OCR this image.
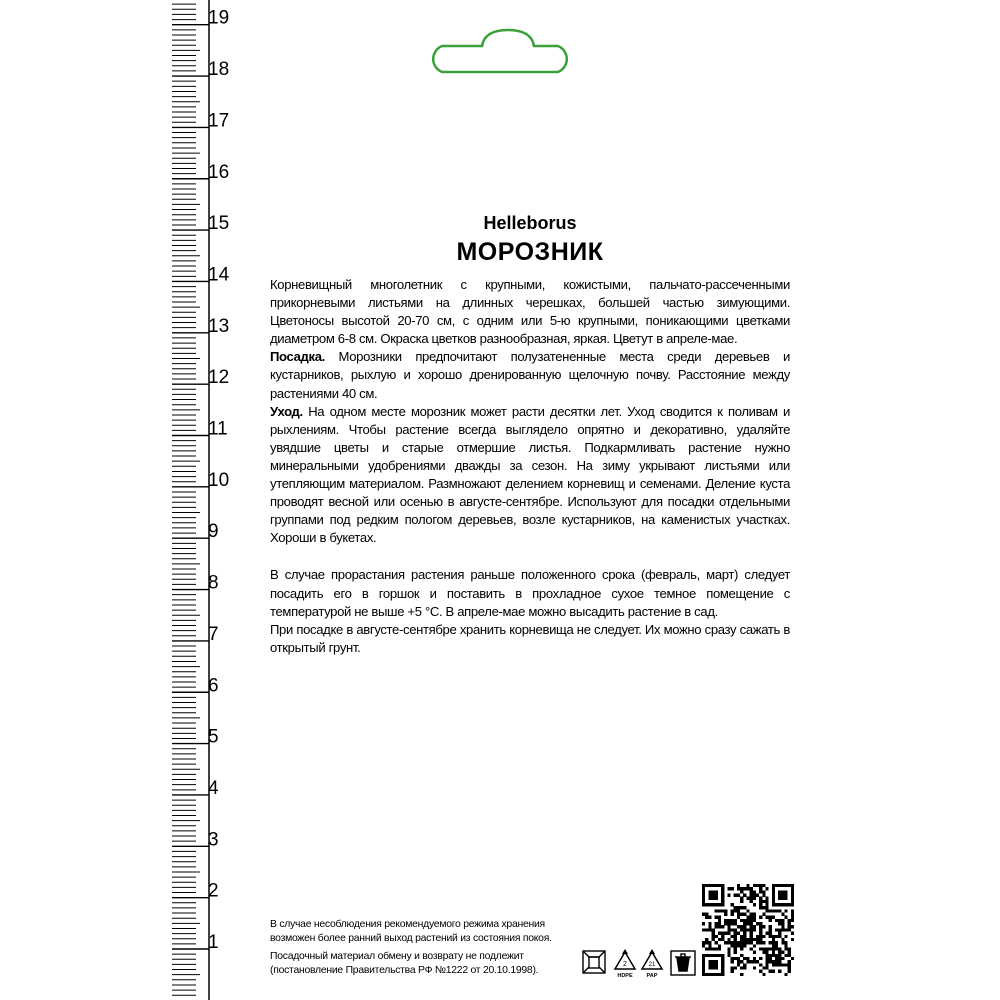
1
2
3
4
5
6
7
8
9
10
11
12
13
14
15
16
17
18
19
Helleborus
МОРОЗНИК

Корневищный многолетник с крупными, кожистыми, пальчато-рассеченными прикорневыми листьями на длинных черешках, большей частью зимующими. Цветоносы высотой 20-70 см, с одним или 5-ю крупными, поникающими цветками диаметром 6-8 см. Окраска цветков разнообразная, яркая. Цветут в апреле-мае.

Посадка. Морозники предпочитают полузатененные места среди деревьев и кустарников, рыхлую и хорошо дренированную щелочную почву. Расстояние между растениями 40 см.

Уход. На одном месте морозник может расти десятки лет. Уход сводится к поливам и рыхлениям. Чтобы растение всегда выглядело опрятно и декоративно, удаляйте увядшие цветы и старые отмершие листья. Подкармливать растение нужно минеральными удобрениями дважды за сезон. На зиму укрывают листьями или утепляющим материалом. Размножают делением корневищ и семенами. Деление куста проводят весной или осенью в августе-сентябре. Используют для посадки отдельными группами под редким пологом деревьев, возле кустарников, на каменистых участках. Хороши в букетах.

В случае прорастания растения раньше положенного срока (февраль, март) следует посадить его в горшок и поставить в прохладное сухое темное помещение с температурой не выше +5 °С. В апреле-мае можно высадить растение в сад.

При посадке в августе-сентябре хранить корневища не следует. Их можно сразу сажать в открытый грунт.

В случае несоблюдения рекомендуемого режима хранения возможен более ранний выход растений из состояния покоя.

Посадочный материал обмену и возврату не подлежит (постановление Правительства РФ №1222 от 20.10.1998).

2
HDPE
21
PAP
